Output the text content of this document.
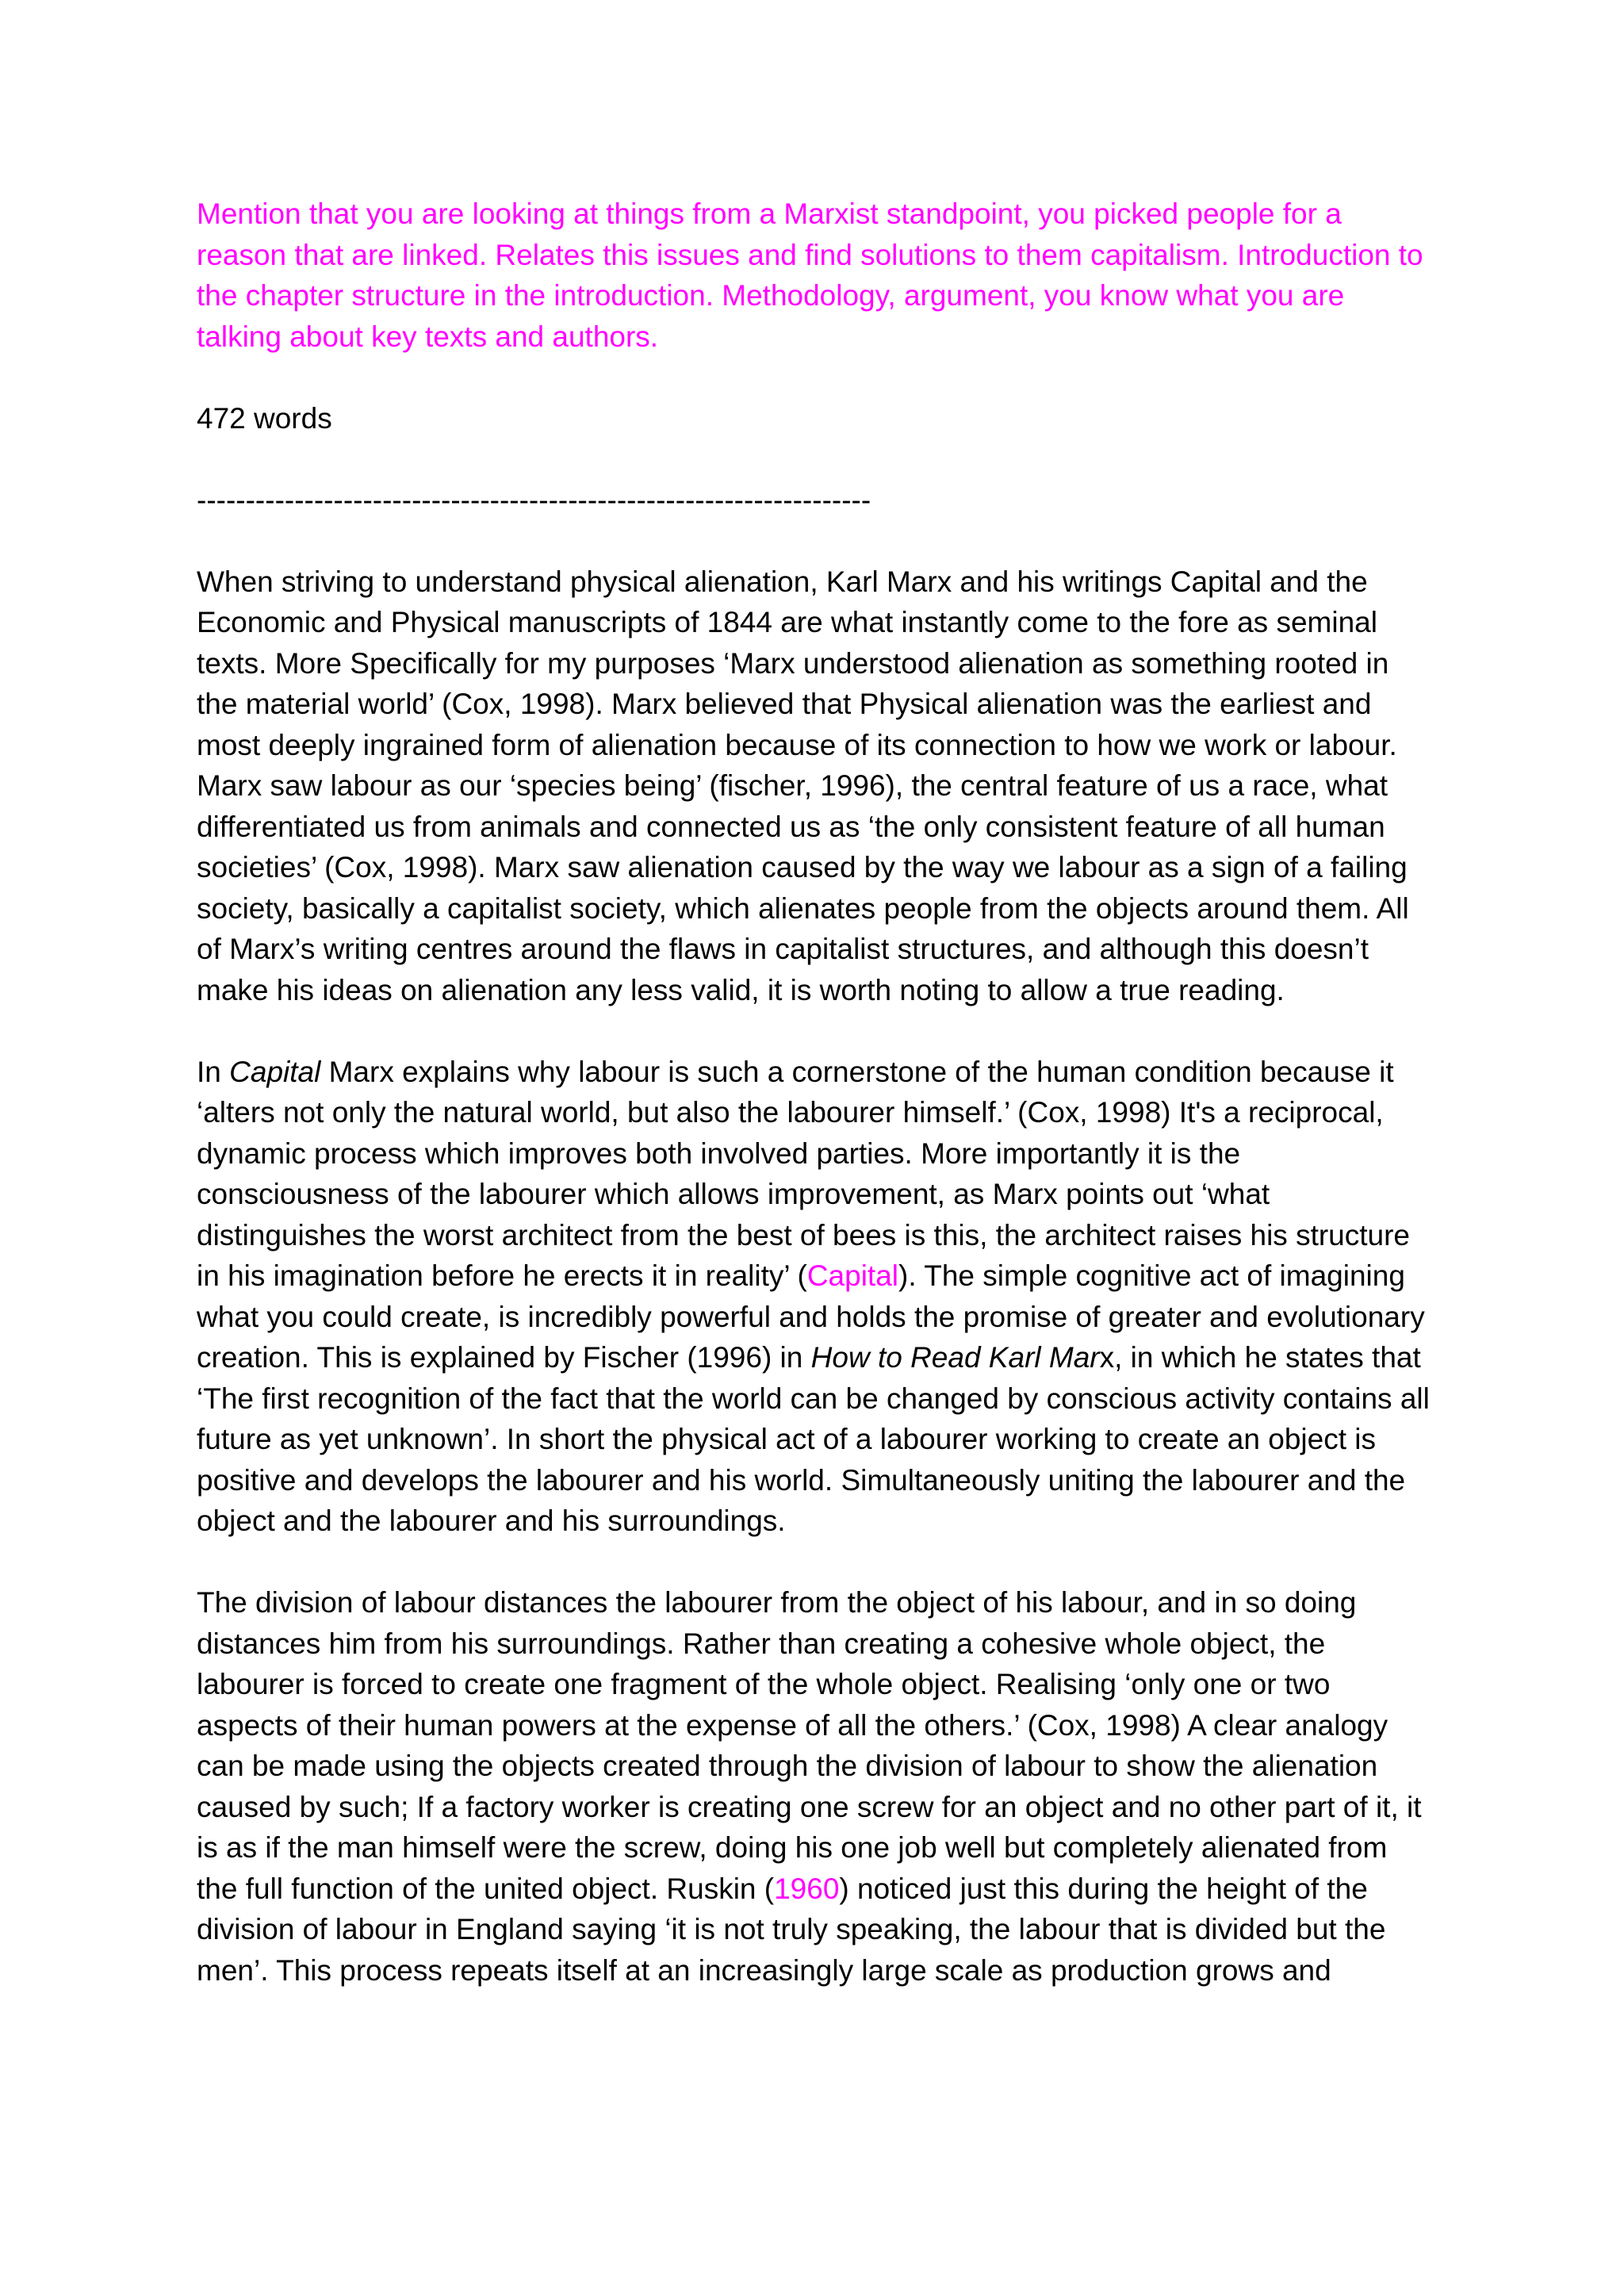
Mention that you are looking at things from a Marxist standpoint, you picked people for a reason that are linked. Relates this issues and find solutions to them capitalism. Introduction to the chapter structure in the introduction. Methodology, argument, you know what you are talking about key texts and authors.

472 words

---------------------------------------------------------------------

When striving to understand physical alienation, Karl Marx and his writings Capital and the Economic and Physical manuscripts of 1844 are what instantly come to the fore as seminal texts. More Specifically for my purposes ‘Marx understood alienation as something rooted in the material world’ (Cox, 1998). Marx believed that Physical alienation was the earliest and most deeply ingrained form of alienation because of its connection to how we work or labour. Marx saw labour as our ‘species being’ (fischer, 1996), the central feature of us a race, what differentiated us from animals and connected us as ‘the only consistent feature of all human societies’ (Cox, 1998). Marx saw alienation caused by the way we labour as a sign of a failing society, basically a capitalist society, which alienates people from the objects around them. All of Marx’s writing centres around the flaws in capitalist structures, and although this doesn’t make his ideas on alienation any less valid, it is worth noting to allow a true reading.

In Capital Marx explains why labour is such a cornerstone of the human condition because it ‘alters not only the natural world, but also the labourer himself.’ (Cox, 1998) It's a reciprocal, dynamic process which improves both involved parties. More importantly it is the consciousness of the labourer which allows improvement, as Marx points out ‘what distinguishes the worst architect from the best of bees is this, the architect raises his structure in his imagination before he erects it in reality’ (Capital). The simple cognitive act of imagining what you could create, is incredibly powerful and holds the promise of greater and evolutionary creation. This is explained by Fischer (1996) in How to Read Karl Marx, in which he states that ‘The first recognition of the fact that the world can be changed by conscious activity contains all future as yet unknown’. In short the physical act of a labourer working to create an object is positive and develops the labourer and his world. Simultaneously uniting the labourer and the object and the labourer and his surroundings.

The division of labour distances the labourer from the object of his labour, and in so doing distances him from his surroundings. Rather than creating a cohesive whole object, the labourer is forced to create one fragment of the whole object. Realising ‘only one or two aspects of their human powers at the expense of all the others.’ (Cox, 1998) A clear analogy can be made using the objects created through the division of labour to show the alienation caused by such; If a factory worker is creating one screw for an object and no other part of it, it is as if the man himself were the screw, doing his one job well but completely alienated from the full function of the united object. Ruskin (1960) noticed just this during the height of the division of labour in England saying ‘it is not truly speaking, the labour that is divided but the men’. This process repeats itself at an increasingly large scale as production grows and
